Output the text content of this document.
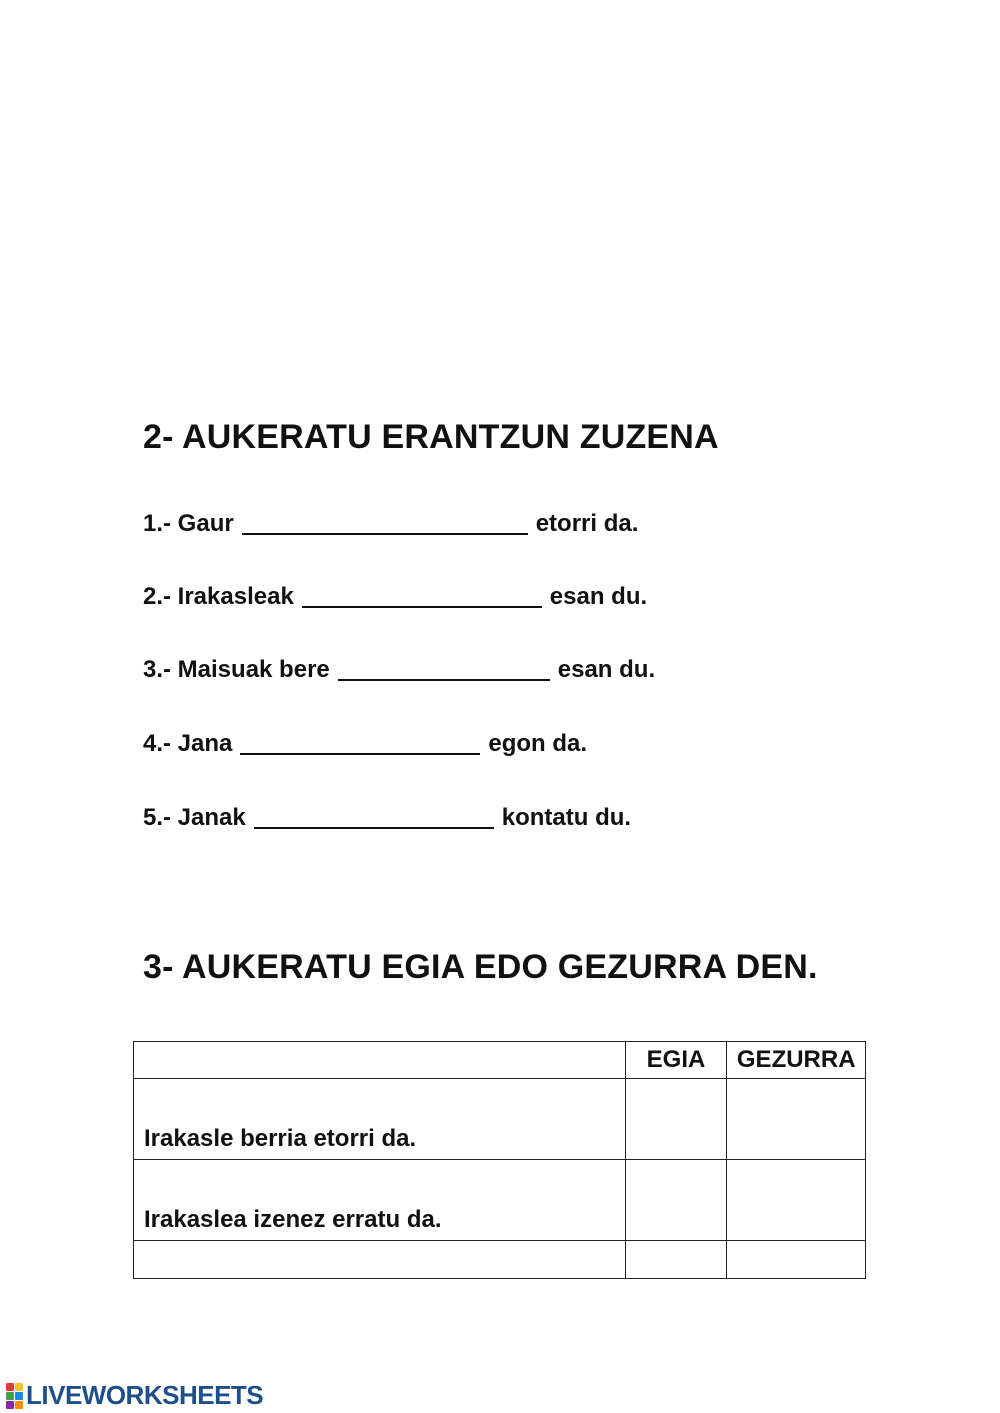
2- AUKERATU ERANTZUN ZUZENA
1.- Gaur	etorri da.
2.- Irakasleak	esan du.
3.- Maisuak bere	esan du.
4.- Jana	egon da.
5.- Janak	kontatu du.
3- AUKERATU EGIA EDO GEZURRA DEN.
	EGIA	GEZURRA
Irakasle berria etorri da.		
Irakaslea izenez erratu da.		

LIVEWORKSHEETS
